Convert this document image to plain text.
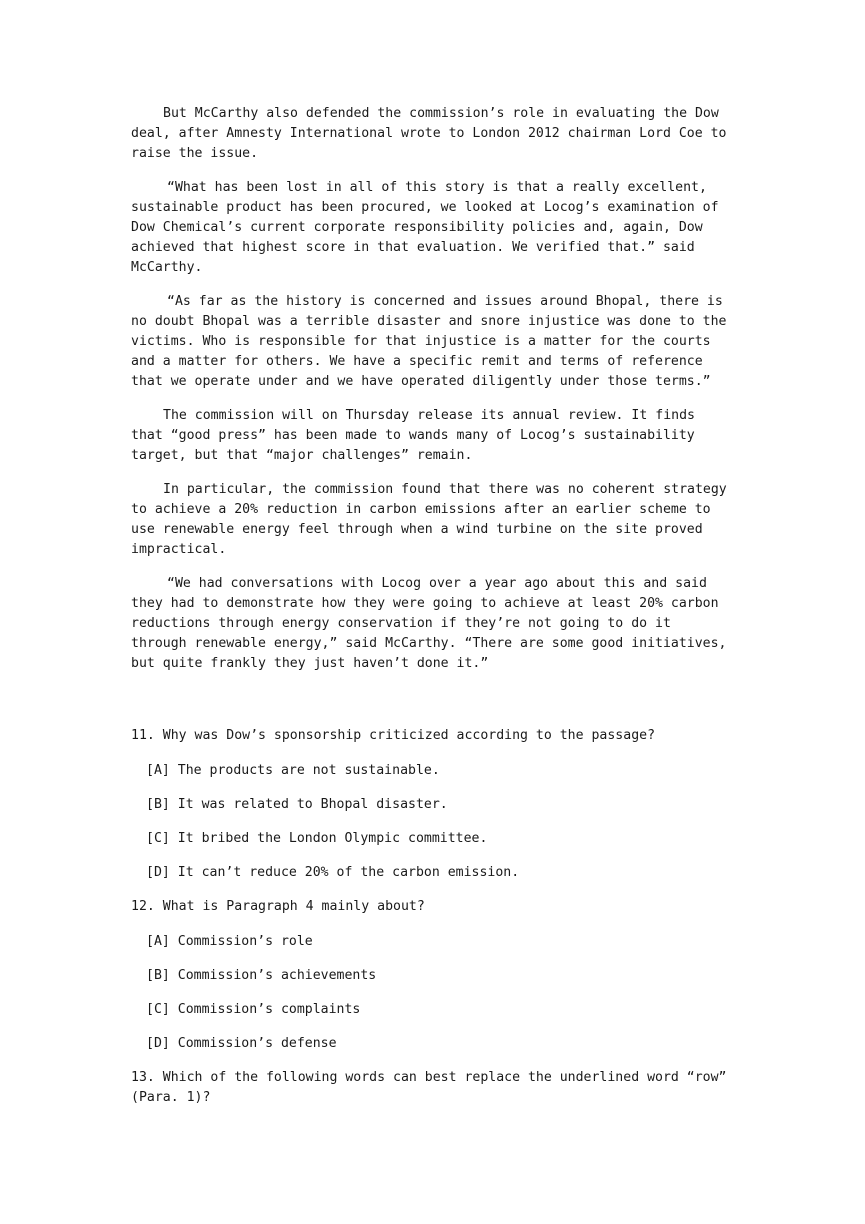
But McCarthy also defended the commission’s role in evaluating the Dow deal, after Amnesty International wrote to London 2012 chairman Lord Coe to raise the issue.

“What has been lost in all of this story is that a really excellent, sustainable product has been procured, we looked at Locog’s examination of Dow Chemical’s current corporate responsibility policies and, again, Dow achieved that highest score in that evaluation. We verified that.” said McCarthy.

“As far as the history is concerned and issues around Bhopal, there is no doubt Bhopal was a terrible disaster and snore injustice was done to the victims. Who is responsible for that injustice is a matter for the courts and a matter for others. We have a specific remit and terms of reference that we operate under and we have operated diligently under those terms.”

The commission will on Thursday release its annual review. It finds that “good press” has been made to wands many of Locog’s sustainability target, but that “major challenges” remain.

In particular, the commission found that there was no coherent strategy to achieve a 20% reduction in carbon emissions after an earlier scheme to use renewable energy feel through when a wind turbine on the site proved impractical.

“We had conversations with Locog over a year ago about this and said they had to demonstrate how they were going to achieve at least 20% carbon reductions through energy conservation if they’re not going to do it through renewable energy,” said McCarthy. “There are some good initiatives, but quite frankly they just haven’t done it.”

11. Why was Dow’s sponsorship criticized according to the passage?

[A] The products are not sustainable.

[B] It was related to Bhopal disaster.

[C] It bribed the London Olympic committee.

[D] It can’t reduce 20% of the carbon emission.

12. What is Paragraph 4 mainly about?

[A] Commission’s role

[B] Commission’s achievements

[C] Commission’s complaints

[D] Commission’s defense

13. Which of the following words can best replace the underlined word “row” (Para. 1)?
